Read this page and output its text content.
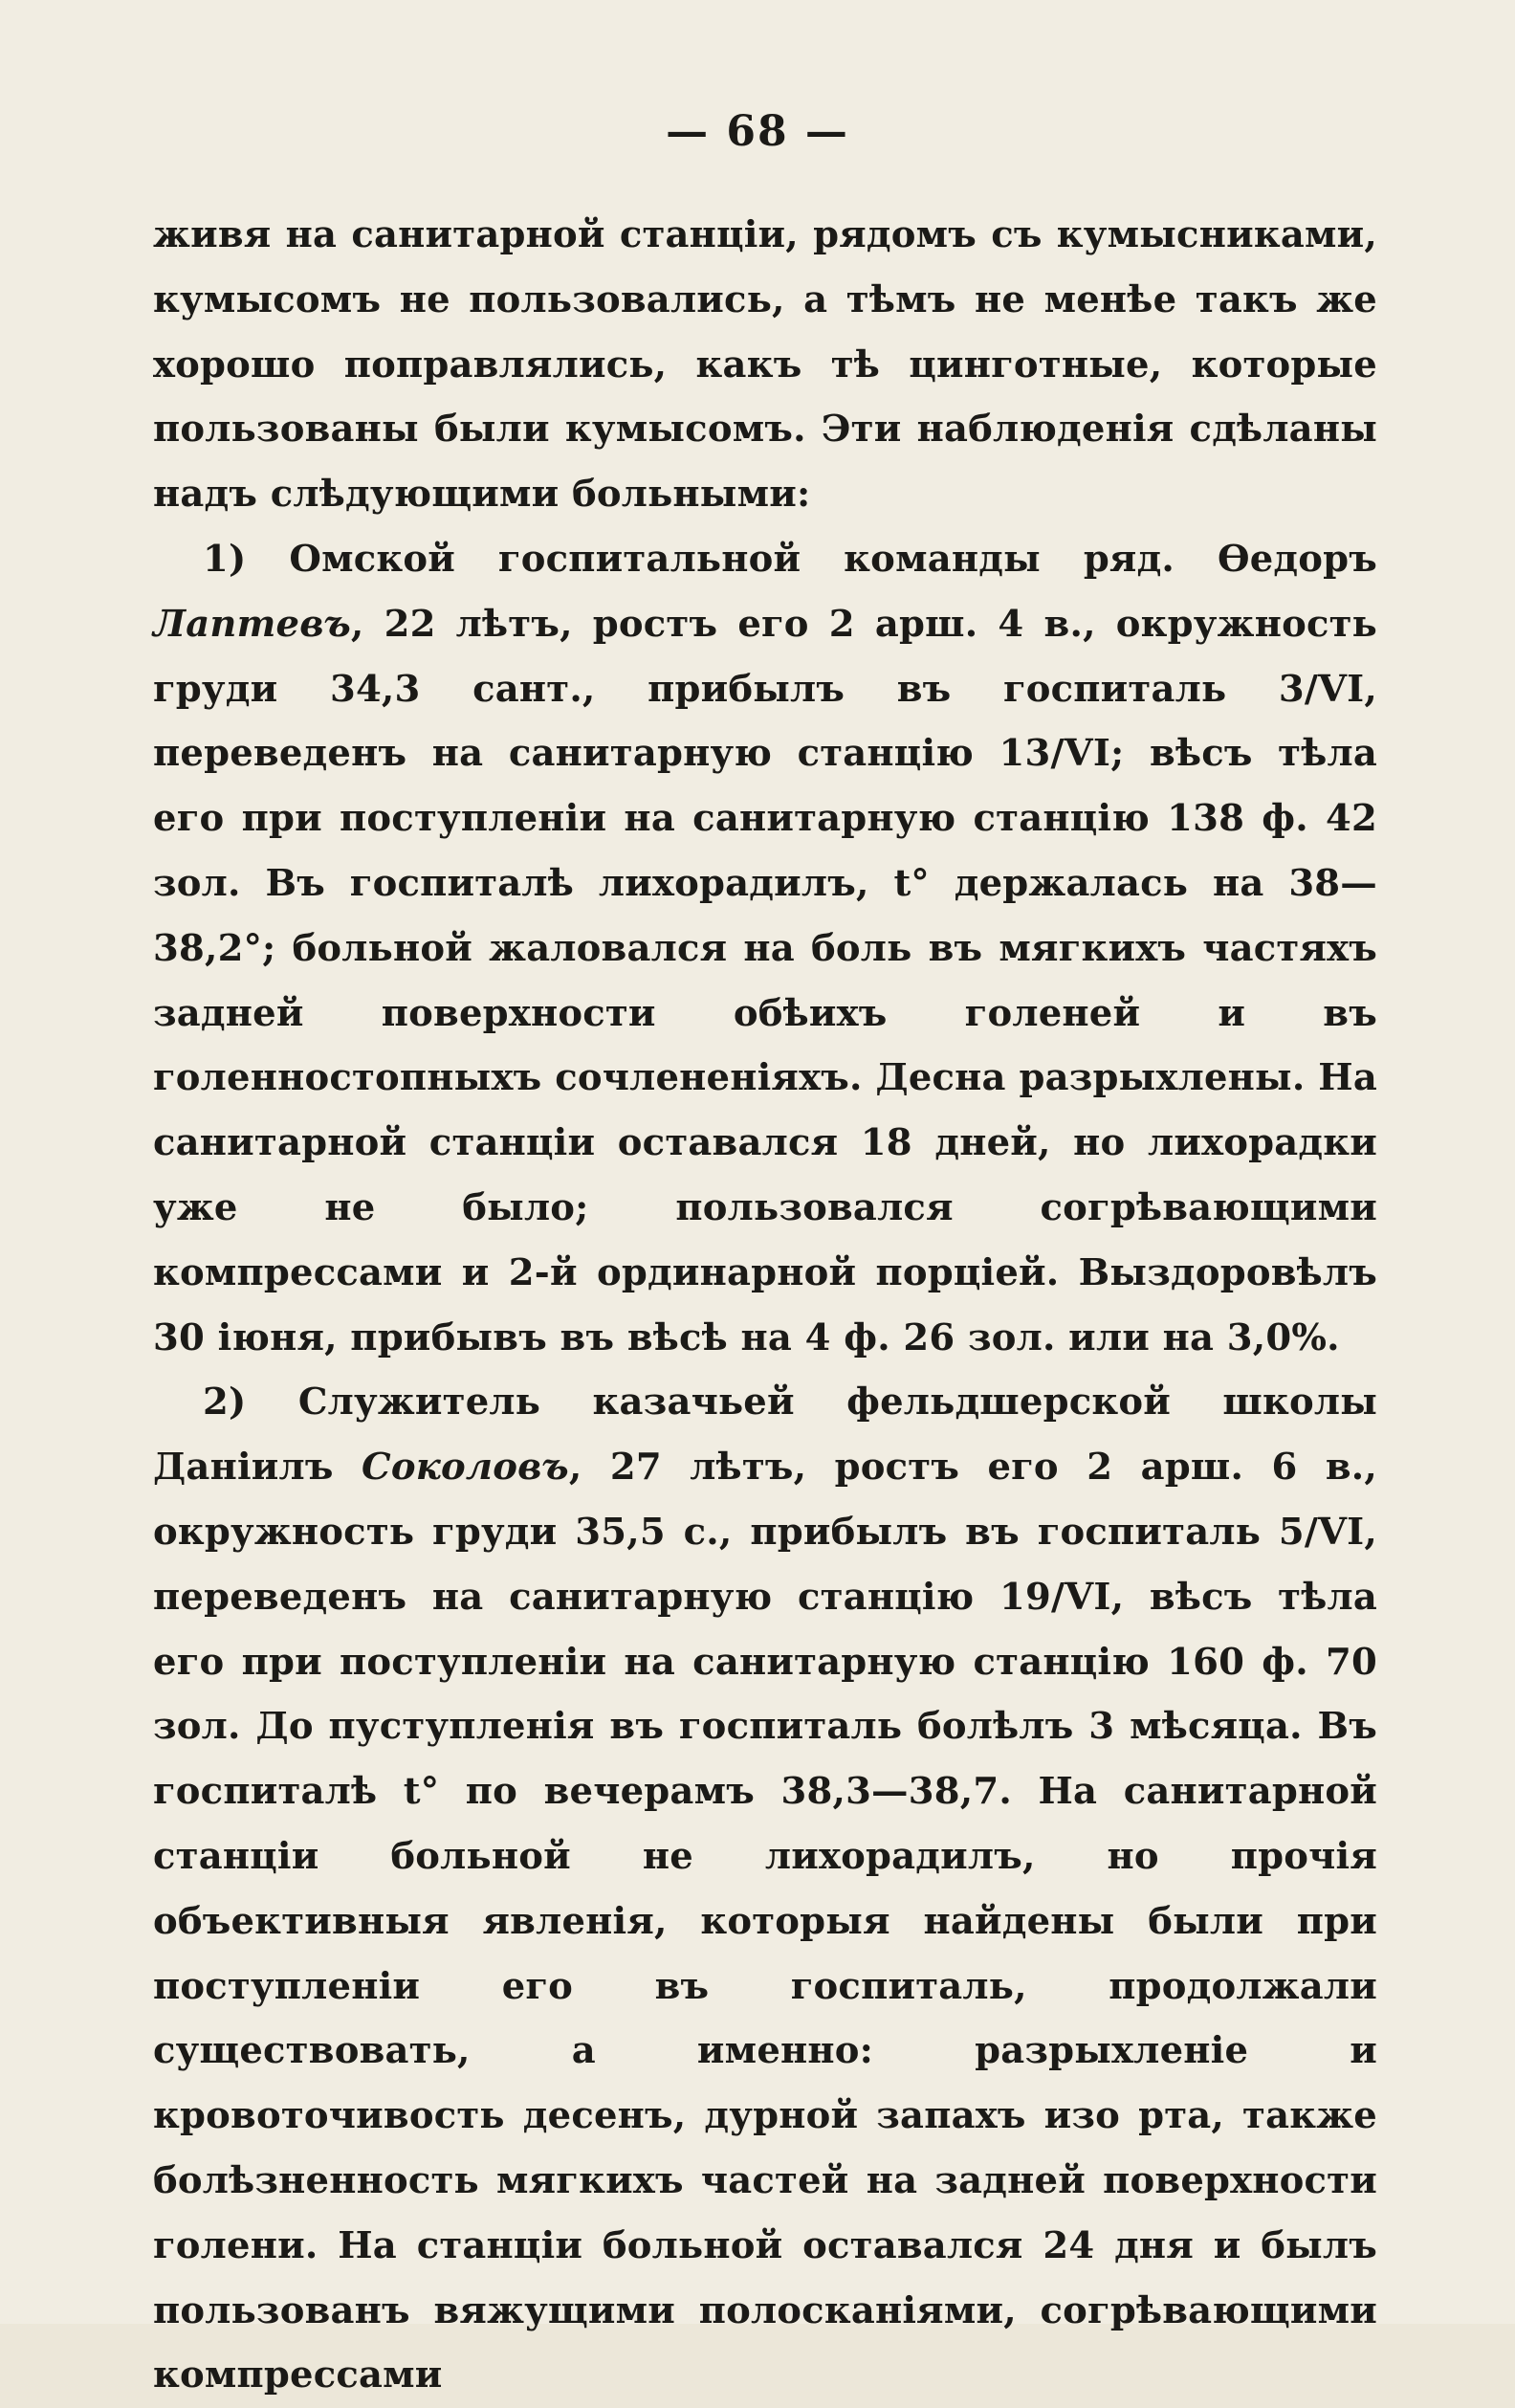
— 68 —

живя на санитарной станціи, рядомъ съ кумысниками, кумысомъ не пользовались, а тѣмъ не менѣе такъ же хорошо поправлялись, какъ тѣ цинготные, которые пользованы были кумысомъ. Эти наблюденія сдѣланы надъ слѣдующими больными:

1) Омской госпитальной команды ряд. Ѳедоръ Лаптевъ, 22 лѣтъ, ростъ его 2 арш. 4 в., окружность груди 34,3 сант., прибылъ въ госпиталь 3/VI, переведенъ на санитарную станцію 13/VI; вѣсъ тѣла его при поступленіи на санитарную станцію 138 ф. 42 зол. Въ госпиталѣ лихорадилъ, t° держалась на 38—38,2°; больной жаловался на боль въ мягкихъ частяхъ задней поверхности обѣихъ голеней и въ голенностопныхъ сочлененіяхъ. Десна разрыхлены. На санитарной станціи оставался 18 дней, но лихорадки уже не было; пользовался согрѣвающими компрессами и 2-й ординарной порціей. Выздоровѣлъ 30 іюня, прибывъ въ вѣсѣ на 4 ф. 26 зол. или на 3,0%.

2) Служитель казачьей фельдшерской школы Даніилъ Соколовъ, 27 лѣтъ, ростъ его 2 арш. 6 в., окружность груди 35,5 с., прибылъ въ госпиталь 5/VI, переведенъ на санитарную станцію 19/VI, вѣсъ тѣла его при поступленіи на санитарную станцію 160 ф. 70 зол. До пуступленія въ госпиталь болѣлъ 3 мѣсяца. Въ госпиталѣ t° по вечерамъ 38,3—38,7. На санитарной станціи больной не лихорадилъ, но прочія объективныя явленія, которыя найдены были при поступленіи его въ госпиталь, продолжали существовать, а именно: разрыхленіе и кровоточивость десенъ, дурной запахъ изо рта, также болѣзненность мягкихъ частей на задней поверхности голени. На станціи больной оставался 24 дня и былъ пользованъ вяжущими полосканіями, согрѣвающими компрессами
